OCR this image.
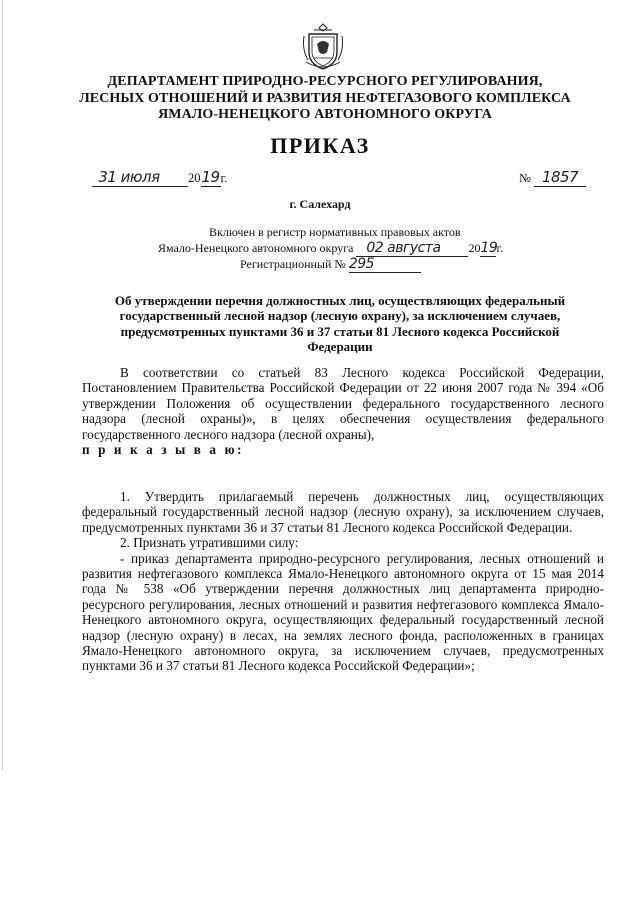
ДЕПАРТАМЕНТ ПРИРОДНО-РЕСУРСНОГО РЕГУЛИРОВАНИЯ,
ЛЕСНЫХ ОТНОШЕНИЙ И РАЗВИТИЯ НЕФТЕГАЗОВОГО КОМПЛЕКСА
ЯМАЛО-НЕНЕЦКОГО АВТОНОМНОГО ОКРУГА
ПРИКАЗ
31 июля 2019г.	№ 1857
г. Салехард
Включен в регистр нормативных правовых актов
Ямало-Ненецкого автономного округа 02 августа 2019г.
Регистрационный № 295
Об утверждении перечня должностных лиц, осуществляющих федеральный
государственный лесной надзор (лесную охрану), за исключением случаев,
предусмотренных пунктами 36 и 37 статьи 81 Лесного кодекса Российской
Федерации

В соответствии со статьей 83 Лесного кодекса Российской Федерации, Постановлением Правительства Российской Федерации от 22 июня 2007 года № 394 «Об утверждении Положения об осуществлении федерального государственного лесного надзора (лесной охраны)», в целях обеспечения осуществления федерального государственного лесного надзора (лесной охраны),

п р и к а з ы в а ю:

1. Утвердить прилагаемый перечень должностных лиц, осуществляющих федеральный государственный лесной надзор (лесную охрану), за исключением случаев, предусмотренных пунктами 36 и 37 статьи 81 Лесного кодекса Российской Федерации.

2. Признать утратившими силу:

- приказ департамента природно-ресурсного регулирования, лесных отношений и развития нефтегазового комплекса Ямало-Ненецкого автономного округа от 15 мая 2014 года № 538 «Об утверждении перечня должностных лиц департамента природно-ресурсного регулирования, лесных отношений и развития нефтегазового комплекса Ямало-Ненецкого автономного округа, осуществляющих федеральный государственный лесной надзор (лесную охрану) в лесах, на землях лесного фонда, расположенных в границах Ямало-Ненецкого автономного округа, за исключением случаев, предусмотренных пунктами 36 и 37 статьи 81 Лесного кодекса Российской Федерации»;
